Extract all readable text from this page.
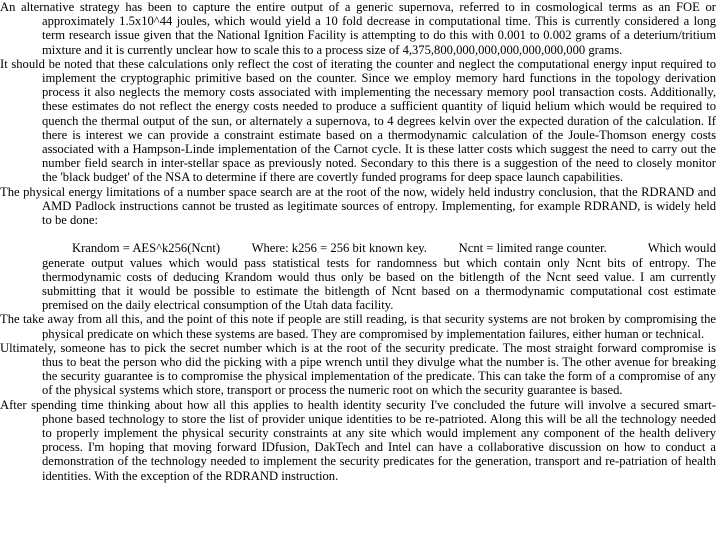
An alternative strategy has been to capture the entire output of a generic supernova, referred to in cosmological terms as an FOE or approximately 1.5x10^44 joules, which would yield a 10 fold decrease in computational time. This is currently considered a long term research issue given that the National Ignition Facility is attempting to do this with 0.001 to 0.002 grams of a deterium/tritium mixture and it is currently unclear how to scale this to a process size of 4,375,800,000,000,000,000,000,000 grams.

It should be noted that these calculations only reflect the cost of iterating the counter and neglect the computational energy input required to implement the cryptographic primitive based on the counter. Since we employ memory hard functions in the topology derivation process it also neglects the memory costs associated with implementing the necessary memory pool transaction costs. Additionally, these estimates do not reflect the energy costs needed to produce a sufficient quantity of liquid helium which would be required to quench the thermal output of the sun, or alternately a supernova, to 4 degrees kelvin over the expected duration of the calculation. If there is interest we can provide a constraint estimate based on a thermodynamic calculation of the Joule-Thomson energy costs associated with a Hampson-Linde implementation of the Carnot cycle. It is these latter costs which suggest the need to carry out the number field search in inter-stellar space as previously noted. Secondary to this there is a suggestion of the need to closely monitor the 'black budget' of the NSA to determine if there are covertly funded programs for deep space launch capabilities.

The physical energy limitations of a number space search are at the root of the now, widely held industry conclusion, that the RDRAND and AMD Padlock instructions cannot be trusted as legitimate sources of entropy. Implementing, for example RDRAND, is widely held to be done:

Krandom = AES^k256(Ncnt) Where: k256 = 256 bit known key.	Ncnt = limited range counter.	Which would generate output values which would pass statistical tests for randomness but which contain only Ncnt bits of entropy. The thermodynamic costs of deducing Krandom would thus only be based on the bitlength of the Ncnt seed value. I am currently submitting that it would be possible to estimate the bitlength of Ncnt based on a thermodynamic computational cost estimate premised on the daily electrical consumption of the Utah data facility.

The take away from all this, and the point of this note if people are still reading, is that security systems are not broken by compromising the physical predicate on which these systems are based. They are compromised by implementation failures, either human or technical.

Ultimately, someone has to pick the secret number which is at the root of the security predicate. The most straight forward compromise is thus to beat the person who did the picking with a pipe wrench until they divulge what the number is. The other avenue for breaking the security guarantee is to compromise the physical implementation of the predicate. This can take the form of a compromise of any of the physical systems which store, transport or process the numeric root on which the security guarantee is based.

After spending time thinking about how all this applies to health identity security I've concluded the future will involve a secured smart-phone based technology to store the list of provider unique identities to be re-patrioted. Along this will be all the technology needed to properly implement the physical security constraints at any site which would implement any component of the health delivery process. I'm hoping that moving forward IDfusion, DakTech and Intel can have a collaborative discussion on how to conduct a demonstration of the technology needed to implement the security predicates for the generation, transport and re-patriation of health identities. With the exception of the RDRAND instruction.
